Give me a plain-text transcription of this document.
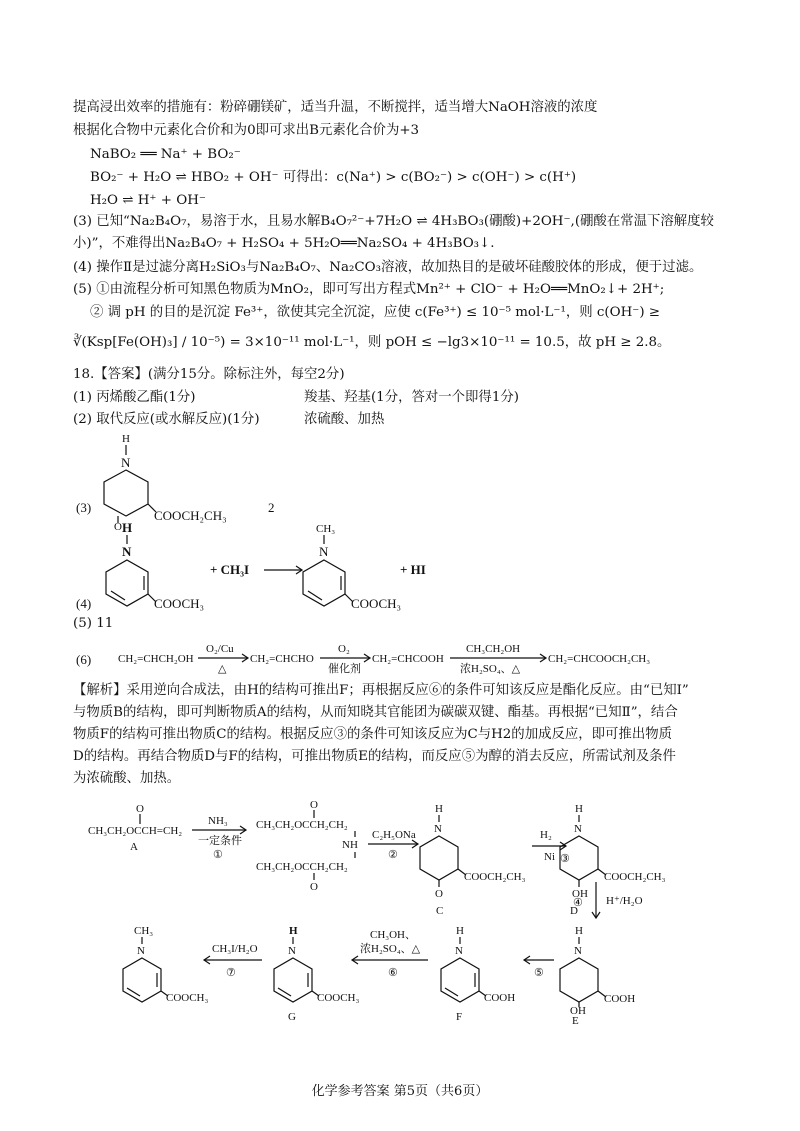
提高浸出效率的措施有：粉碎硼镁矿，适当升温，不断搅拌，适当增大NaOH溶液的浓度
根据化合物中元素化合价和为0即可求出B元素化合价为+3
NaBO₂ ══ Na⁺ + BO₂⁻
BO₂⁻ + H₂O ⇌ HBO₂ + OH⁻ 可得出：c(Na⁺) > c(BO₂⁻) > c(OH⁻) > c(H⁺)
H₂O ⇌ H⁺ + OH⁻
(3) 已知“Na₂B₄O₇，易溶于水，且易水解B₄O₇²⁻+7H₂O ⇌ 4H₃BO₃(硼酸)+2OH⁻,(硼酸在常温下溶解度较
小)”，不难得出Na₂B₄O₇ + H₂SO₄ + 5H₂O══Na₂SO₄ + 4H₃BO₃↓.
(4) 操作Ⅱ是过滤分离H₂SiO₃与Na₂B₄O₇、Na₂CO₃溶液，故加热目的是破坏硅酸胶体的形成，便于过滤。
(5) ①由流程分析可知黑色物质为MnO₂，即可写出方程式Mn²⁺ + ClO⁻ + H₂O══MnO₂↓+ 2H⁺;
② 调 pH 的目的是沉淀 Fe³⁺，欲使其完全沉淀，应使 c(Fe³⁺) ≤ 10⁻⁵ mol·L⁻¹，则 c(OH⁻) ≥
∛(Ksp[Fe(OH)₃] / 10⁻⁵) = 3×10⁻¹¹ mol·L⁻¹，则 pOH ≤ −lg3×10⁻¹¹ = 10.5，故 pH ≥ 2.8。
18.【答案】(满分15分。除标注外，每空2分)
(1) 丙烯酸乙酯(1分)	羧基、羟基(1分，答对一个即得1分)
(2) 取代反应(或水解反应)(1分)	浓硫酸、加热
(3)
H
N
O
COOCH₂CH₃
2
(4)
H
N
COOCH₃
+ CH₃I
CH₃
N
COOCH₃
+ HI
(5) 11
(6) CH₂=CHCH₂OH
O₂/Cu
△
CH₂=CHCHO
O₂
催化剂
CH₂=CHCOOH
CH₃CH₂OH
浓H₂SO₄、△
CH₂=CHCOOCH₂CH₃
【解析】采用逆向合成法，由H的结构可推出F；再根据反应⑥的条件可知该反应是酯化反应。由“已知Ⅰ”
与物质B的结构，即可判断物质A的结构，从而知晓其官能团为碳碳双键、酯基。再根据“已知Ⅱ”，结合
物质F的结构可推出物质C的结构。根据反应③的条件可知该反应为C与H2的加成反应，即可推出物质
D的结构。再结合物质D与F的结构，可推出物质E的结构，而反应⑤为醇的消去反应，所需试剂及条件
为浓硫酸、加热。
CH₃CH₂OCCH=CH₂
O
A
NH₃
一定条件
①
O
CH₃CH₂OCCH₂CH₂
NH
CH₃CH₂OCCH₂CH₂
O
C₂H₅ONa
②
H
N
O
COOCH₂CH₃
C
H₂
Ni ③
H
N
OH
COOCH₂CH₃
D
④ H⁺/H₂O
H
N
OH
COOH
E
⑤
H
N
COOH
F
CH₃OH、
浓H₂SO₄、△
⑥
H
N
COOCH₃
G
CH₃I/H₂O
⑦
CH₃
N
COOCH₃
化学参考答案 第5页（共6页）
